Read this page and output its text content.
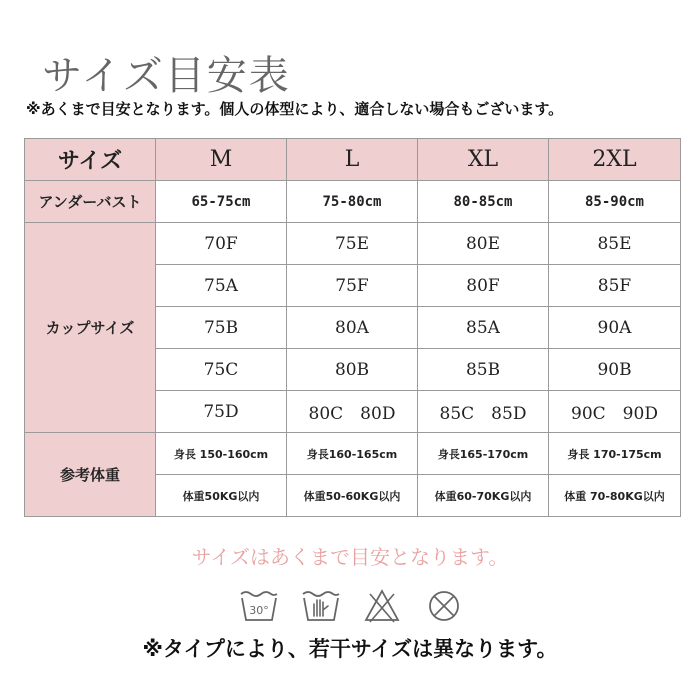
サイズ目安表
※あくまで目安となります。個人の体型により、適合しない場合もございます。
サイズ	M	L	XL	2XL
アンダーバスト	65-75cm	75-80cm	80-85cm	85-90cm
カップサイズ	70F	75E	80E	85E
	75A	75F	80F	85F
	75B	80A	85A	90A
	75C	80B	85B	90B
	75D	80C　80D	85C　85D	90C　90D
参考体重	身長 150-160cm	身長160-165cm	身長165-170cm	身長 170-175cm
	体重50KG以内	体重50-60KG以内	体重60-70KG以内	体重 70-80KG以内
サイズはあくまで目安となります。
30°
※タイプにより、若干サイズは異なります。
